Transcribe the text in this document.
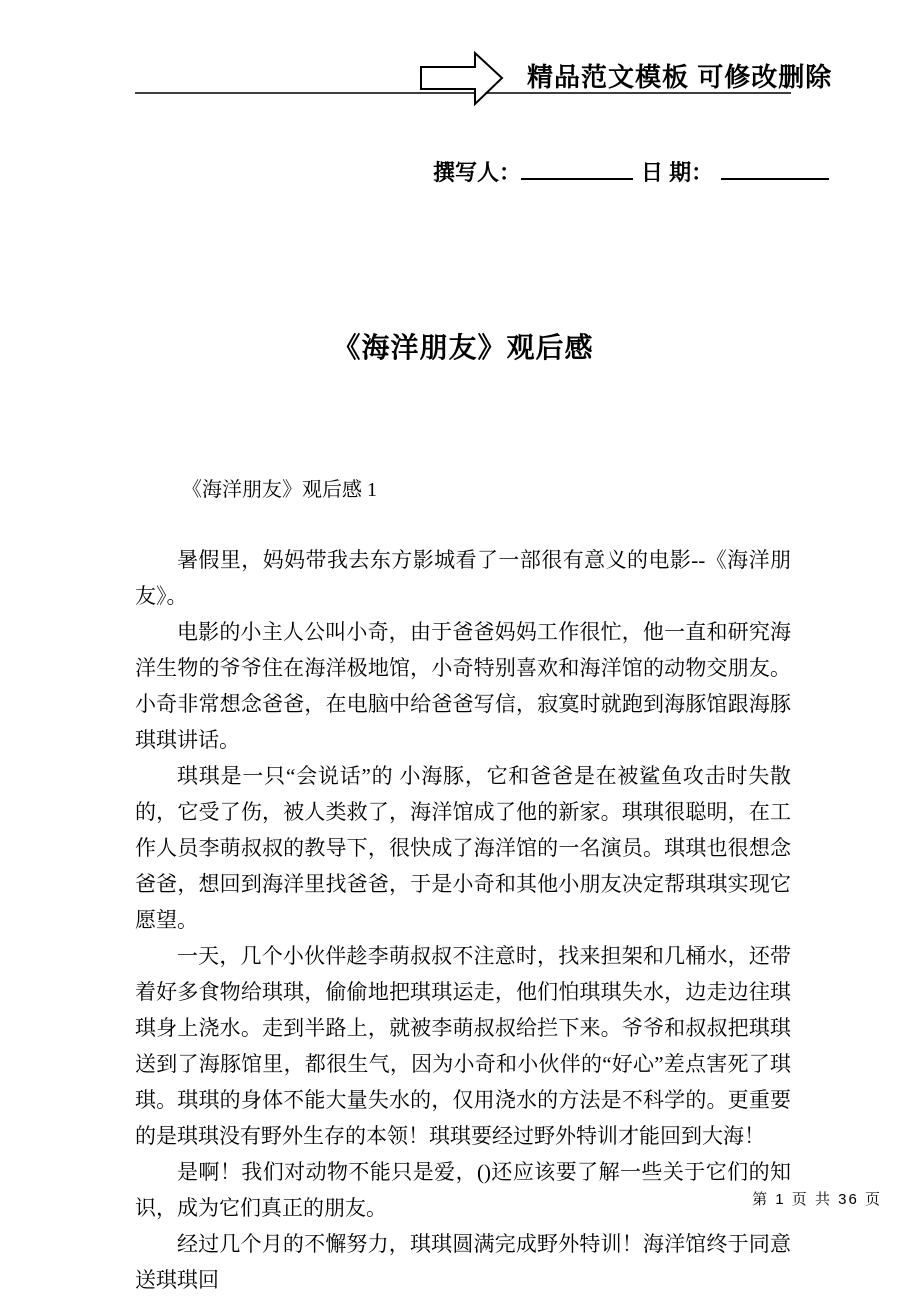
精品范文模板 可修改删除
撰写人：	日 期：
《海洋朋友》观后感
《海洋朋友》观后感 1

暑假里，妈妈带我去东方影城看了一部很有意义的电影--《海洋朋友》。

电影的小主人公叫小奇，由于爸爸妈妈工作很忙，他一直和研究海洋生物的爷爷住在海洋极地馆，小奇特别喜欢和海洋馆的动物交朋友。小奇非常想念爸爸，在电脑中给爸爸写信，寂寞时就跑到海豚馆跟海豚琪琪讲话。

琪琪是一只“会说话”的 小海豚，它和爸爸是在被鲨鱼攻击时失散的，它受了伤，被人类救了，海洋馆成了他的新家。琪琪很聪明，在工作人员李萌叔叔的教导下，很快成了海洋馆的一名演员。琪琪也很想念爸爸，想回到海洋里找爸爸，于是小奇和其他小朋友决定帮琪琪实现它愿望。

一天，几个小伙伴趁李萌叔叔不注意时，找来担架和几桶水，还带着好多食物给琪琪，偷偷地把琪琪运走，他们怕琪琪失水，边走边往琪琪身上浇水。走到半路上，就被李萌叔叔给拦下来。爷爷和叔叔把琪琪送到了海豚馆里，都很生气，因为小奇和小伙伴的“好心”差点害死了琪琪。琪琪的身体不能大量失水的，仅用浇水的方法是不科学的。更重要的是琪琪没有野外生存的本领！琪琪要经过野外特训才能回到大海！

是啊！我们对动物不能只是爱，()还应该要了解一些关于它们的知识，成为它们真正的朋友。

经过几个月的不懈努力，琪琪圆满完成野外特训！海洋馆终于同意送琪琪回

第 1 页 共 36 页
